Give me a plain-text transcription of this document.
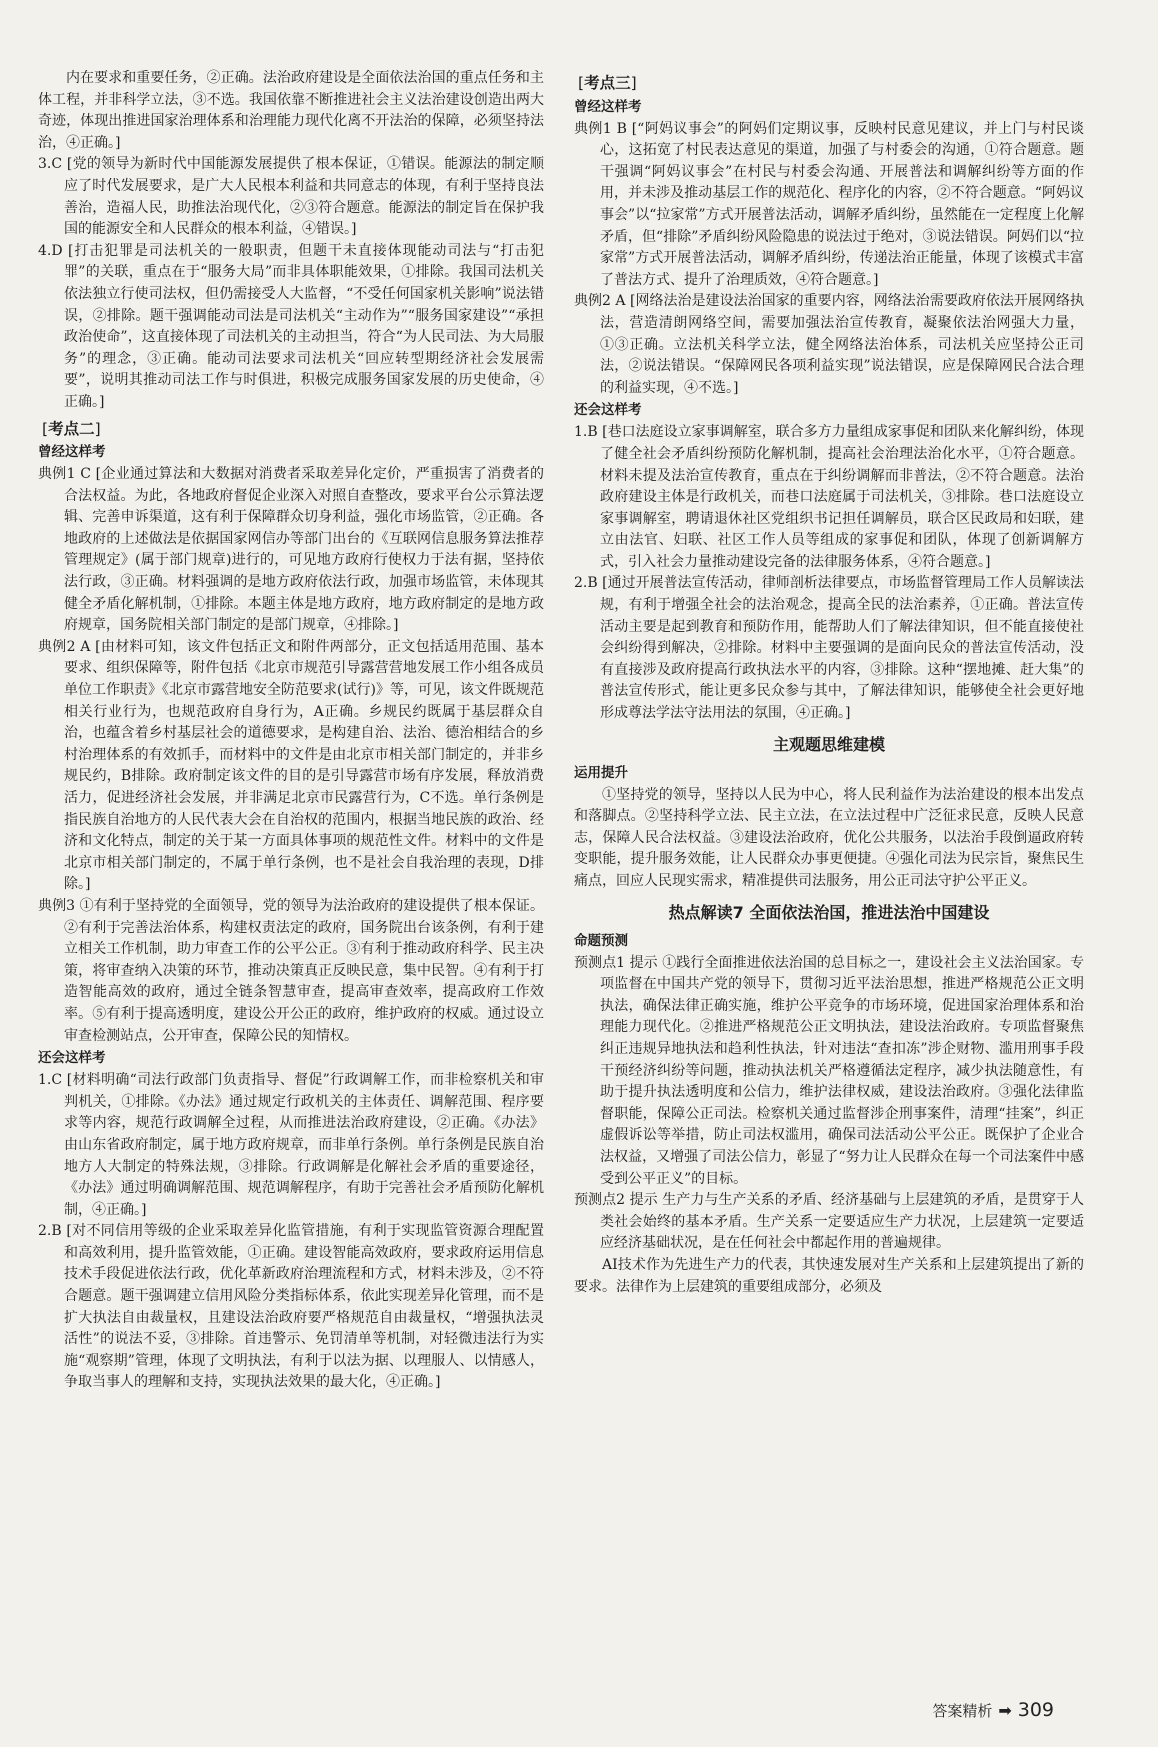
内在要求和重要任务，②正确。法治政府建设是全面依法治国的重点任务和主体工程，并非科学立法，③不选。我国依靠不断推进社会主义法治建设创造出两大奇迹，体现出推进国家治理体系和治理能力现代化离不开法治的保障，必须坚持法治，④正确。]

3.C [党的领导为新时代中国能源发展提供了根本保证，①错误。能源法的制定顺应了时代发展要求，是广大人民根本利益和共同意志的体现，有利于坚持良法善治，造福人民，助推法治现代化，②③符合题意。能源法的制定旨在保护我国的能源安全和人民群众的根本利益，④错误。]

4.D [打击犯罪是司法机关的一般职责，但题干未直接体现能动司法与“打击犯罪”的关联，重点在于“服务大局”而非具体职能效果，①排除。我国司法机关依法独立行使司法权，但仍需接受人大监督，“不受任何国家机关影响”说法错误，②排除。题干强调能动司法是司法机关“主动作为”“服务国家建设”“承担政治使命”，这直接体现了司法机关的主动担当，符合“为人民司法、为大局服务”的理念，③正确。能动司法要求司法机关“回应转型期经济社会发展需要”，说明其推动司法工作与时俱进，积极完成服务国家发展的历史使命，④正确。]

[考点二]
曾经这样考

典例1 C [企业通过算法和大数据对消费者采取差异化定价，严重损害了消费者的合法权益。为此，各地政府督促企业深入对照自查整改，要求平台公示算法逻辑、完善申诉渠道，这有利于保障群众切身利益，强化市场监管，②正确。各地政府的上述做法是依据国家网信办等部门出台的《互联网信息服务算法推荐管理规定》(属于部门规章)进行的，可见地方政府行使权力于法有据，坚持依法行政，③正确。材料强调的是地方政府依法行政，加强市场监管，未体现其健全矛盾化解机制，①排除。本题主体是地方政府，地方政府制定的是地方政府规章，国务院相关部门制定的是部门规章，④排除。]

典例2 A [由材料可知，该文件包括正文和附件两部分，正文包括适用范围、基本要求、组织保障等，附件包括《北京市规范引导露营营地发展工作小组各成员单位工作职责》《北京市露营地安全防范要求(试行)》等，可见，该文件既规范相关行业行为，也规范政府自身行为，A正确。乡规民约既属于基层群众自治，也蕴含着乡村基层社会的道德要求，是构建自治、法治、德治相结合的乡村治理体系的有效抓手，而材料中的文件是由北京市相关部门制定的，并非乡规民约，B排除。政府制定该文件的目的是引导露营市场有序发展，释放消费活力，促进经济社会发展，并非满足北京市民露营行为，C不选。单行条例是指民族自治地方的人民代表大会在自治权的范围内，根据当地民族的政治、经济和文化特点，制定的关于某一方面具体事项的规范性文件。材料中的文件是北京市相关部门制定的，不属于单行条例，也不是社会自我治理的表现，D排除。]

典例3 ①有利于坚持党的全面领导，党的领导为法治政府的建设提供了根本保证。②有利于完善法治体系，构建权责法定的政府，国务院出台该条例，有利于建立相关工作机制，助力审查工作的公平公正。③有利于推动政府科学、民主决策，将审查纳入决策的环节，推动决策真正反映民意，集中民智。④有利于打造智能高效的政府，通过全链条智慧审查，提高审查效率，提高政府工作效率。⑤有利于提高透明度，建设公开公正的政府，维护政府的权威。通过设立审查检测站点，公开审查，保障公民的知情权。

还会这样考

1.C [材料明确“司法行政部门负责指导、督促”行政调解工作，而非检察机关和审判机关，①排除。《办法》通过规定行政机关的主体责任、调解范围、程序要求等内容，规范行政调解全过程，从而推进法治政府建设，②正确。《办法》由山东省政府制定，属于地方政府规章，而非单行条例。单行条例是民族自治地方人大制定的特殊法规，③排除。行政调解是化解社会矛盾的重要途径，《办法》通过明确调解范围、规范调解程序，有助于完善社会矛盾预防化解机制，④正确。]

2.B [对不同信用等级的企业采取差异化监管措施，有利于实现监管资源合理配置和高效利用，提升监管效能，①正确。建设智能高效政府，要求政府运用信息技术手段促进依法行政，优化革新政府治理流程和方式，材料未涉及，②不符合题意。题干强调建立信用风险分类指标体系，依此实现差异化管理，而不是扩大执法自由裁量权，且建设法治政府要严格规范自由裁量权，“增强执法灵活性”的说法不妥，③排除。首违警示、免罚清单等机制，对轻微违法行为实施“观察期”管理，体现了文明执法，有利于以法为据、以理服人、以情感人，争取当事人的理解和支持，实现执法效果的最大化，④正确。]

[考点三]
曾经这样考

典例1 B [“阿妈议事会”的阿妈们定期议事，反映村民意见建议，并上门与村民谈心，这拓宽了村民表达意见的渠道，加强了与村委会的沟通，①符合题意。题干强调“阿妈议事会”在村民与村委会沟通、开展普法和调解纠纷等方面的作用，并未涉及推动基层工作的规范化、程序化的内容，②不符合题意。“阿妈议事会”以“拉家常”方式开展普法活动，调解矛盾纠纷，虽然能在一定程度上化解矛盾，但“排除”矛盾纠纷风险隐患的说法过于绝对，③说法错误。阿妈们以“拉家常”方式开展普法活动，调解矛盾纠纷，传递法治正能量，体现了该模式丰富了普法方式、提升了治理质效，④符合题意。]

典例2 A [网络法治是建设法治国家的重要内容，网络法治需要政府依法开展网络执法，营造清朗网络空间，需要加强法治宣传教育，凝聚依法治网强大力量，①③正确。立法机关科学立法，健全网络法治体系，司法机关应坚持公正司法，②说法错误。“保障网民各项利益实现”说法错误，应是保障网民合法合理的利益实现，④不选。]

还会这样考

1.B [巷口法庭设立家事调解室，联合多方力量组成家事促和团队来化解纠纷，体现了健全社会矛盾纠纷预防化解机制，提高社会治理法治化水平，①符合题意。材料未提及法治宣传教育，重点在于纠纷调解而非普法，②不符合题意。法治政府建设主体是行政机关，而巷口法庭属于司法机关，③排除。巷口法庭设立家事调解室，聘请退休社区党组织书记担任调解员，联合区民政局和妇联，建立由法官、妇联、社区工作人员等组成的家事促和团队，体现了创新调解方式，引入社会力量推动建设完备的法律服务体系，④符合题意。]

2.B [通过开展普法宣传活动，律师剖析法律要点，市场监督管理局工作人员解读法规，有利于增强全社会的法治观念，提高全民的法治素养，①正确。普法宣传活动主要是起到教育和预防作用，能帮助人们了解法律知识，但不能直接使社会纠纷得到解决，②排除。材料中主要强调的是面向民众的普法宣传活动，没有直接涉及政府提高行政执法水平的内容，③排除。这种“摆地摊、赶大集”的普法宣传形式，能让更多民众参与其中，了解法律知识，能够使全社会更好地形成尊法学法守法用法的氛围，④正确。]

主观题思维建模
运用提升

①坚持党的领导，坚持以人民为中心，将人民利益作为法治建设的根本出发点和落脚点。②坚持科学立法、民主立法，在立法过程中广泛征求民意，反映人民意志，保障人民合法权益。③建设法治政府，优化公共服务，以法治手段倒逼政府转变职能，提升服务效能，让人民群众办事更便捷。④强化司法为民宗旨，聚焦民生痛点，回应人民现实需求，精准提供司法服务，用公正司法守护公平正义。

热点解读7 全面依法治国，推进法治中国建设
命题预测

预测点1 提示 ①践行全面推进依法治国的总目标之一，建设社会主义法治国家。专项监督在中国共产党的领导下，贯彻习近平法治思想，推进严格规范公正文明执法，确保法律正确实施，维护公平竞争的市场环境，促进国家治理体系和治理能力现代化。②推进严格规范公正文明执法，建设法治政府。专项监督聚焦纠正违规异地执法和趋利性执法，针对违法“查扣冻”涉企财物、滥用刑事手段干预经济纠纷等问题，推动执法机关严格遵循法定程序，减少执法随意性，有助于提升执法透明度和公信力，维护法律权威，建设法治政府。③强化法律监督职能，保障公正司法。检察机关通过监督涉企刑事案件，清理“挂案”，纠正虚假诉讼等举措，防止司法权滥用，确保司法活动公平公正。既保护了企业合法权益，又增强了司法公信力，彰显了“努力让人民群众在每一个司法案件中感受到公平正义”的目标。

预测点2 提示 生产力与生产关系的矛盾、经济基础与上层建筑的矛盾，是贯穿于人类社会始终的基本矛盾。生产关系一定要适应生产力状况，上层建筑一定要适应经济基础状况，是在任何社会中都起作用的普遍规律。

AI技术作为先进生产力的代表，其快速发展对生产关系和上层建筑提出了新的要求。法律作为上层建筑的重要组成部分，必须及

答案精析 ➡ 309
